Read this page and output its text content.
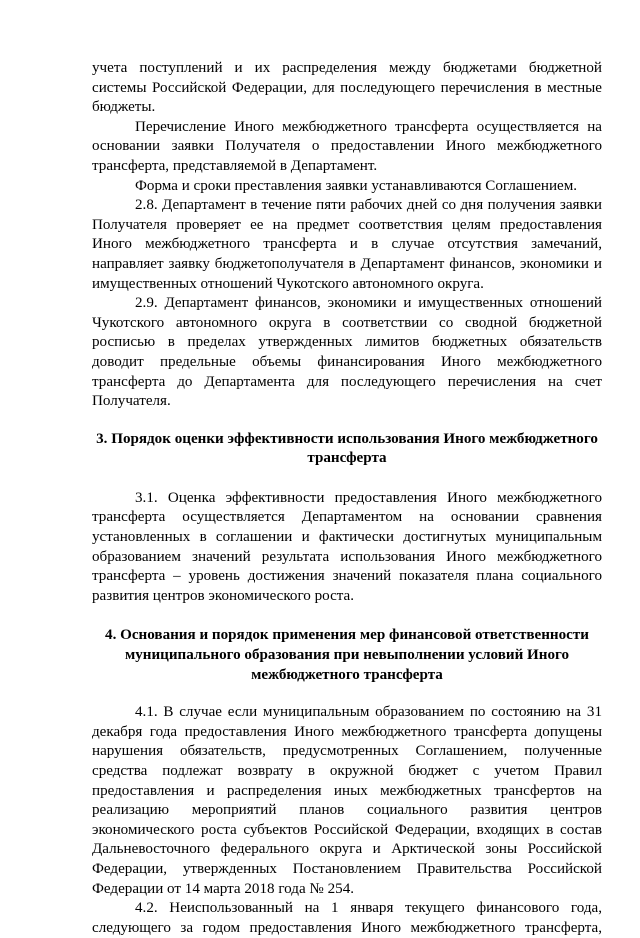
учета поступлений и их распределения между бюджетами бюджетной системы Российской Федерации, для последующего перечисления в местные бюджеты.

Перечисление Иного межбюджетного трансферта осуществляется на основании заявки Получателя о предоставлении Иного межбюджетного трансферта, представляемой в Департамент.

Форма и сроки преставления заявки устанавливаются Соглашением.

2.8. Департамент в течение пяти рабочих дней со дня получения заявки Получателя проверяет ее на предмет соответствия целям предоставления Иного межбюджетного трансферта и в случае отсутствия замечаний, направляет заявку бюджетополучателя в Департамент финансов, экономики и имущественных отношений Чукотского автономного округа.

2.9. Департамент финансов, экономики и имущественных отношений Чукотского автономного округа в соответствии со сводной бюджетной росписью в пределах утвержденных лимитов бюджетных обязательств доводит предельные объемы финансирования Иного межбюджетного трансферта до Департамента для последующего перечисления на счет Получателя.

3. Порядок оценки эффективности использования Иного межбюджетного
трансферта

3.1. Оценка эффективности предоставления Иного межбюджетного трансферта осуществляется Департаментом на основании сравнения установленных в соглашении и фактически достигнутых муниципальным образованием значений результата использования Иного межбюджетного трансферта – уровень достижения значений показателя плана социального развития центров экономического роста.

4. Основания и порядок применения мер финансовой ответственности
муниципального образования при невыполнении условий Иного
межбюджетного трансферта

4.1. В случае если муниципальным образованием по состоянию на 31 декабря года предоставления Иного межбюджетного трансферта допущены нарушения обязательств, предусмотренных Соглашением, полученные средства подлежат возврату в окружной бюджет с учетом Правил предоставления и распределения иных межбюджетных трансфертов на реализацию мероприятий планов социального развития центров экономического роста субъектов Российской Федерации, входящих в состав Дальневосточного федерального округа и Арктической зоны Российской Федерации, утвержденных Постановлением Правительства Российской Федерации от 14 марта 2018 года № 254.

4.2. Неиспользованный на 1 января текущего финансового года, следующего за годом предоставления Иного межбюджетного трансферта,
